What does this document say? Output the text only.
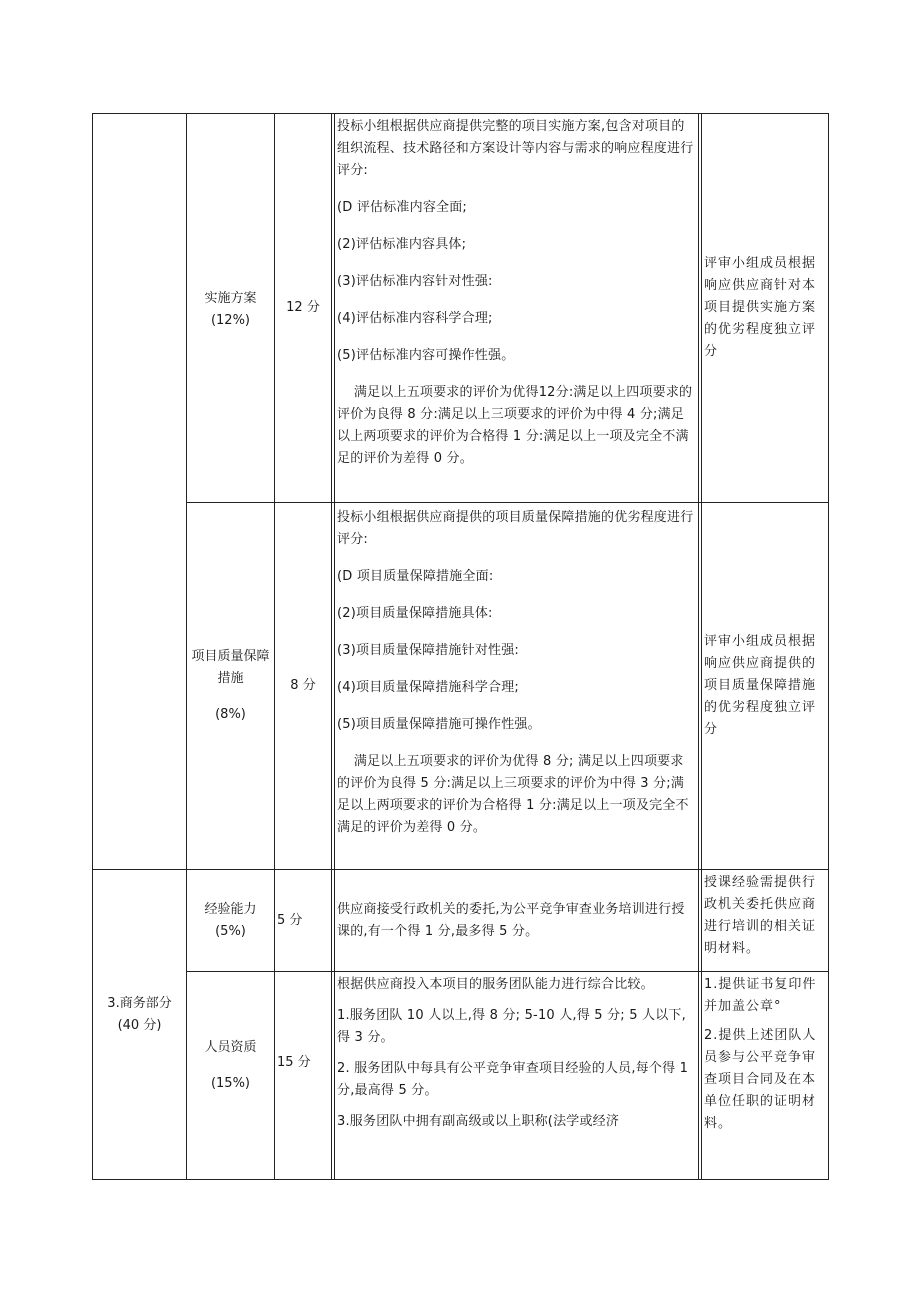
实施方案
(12%)
12 分

投标小组根据供应商提供完整的项目实施方案,包含对项目的组织流程、技术路径和方案设计等内容与需求的响应程度进行评分:

(D 评估标准内容全面;

(2)评估标准内容具体;

(3)评估标准内容针对性强:

(4)评估标准内容科学合理;

(5)评估标准内容可操作性强。

满足以上五项要求的评价为优得12分:满足以上四项要求的评价为良得 8 分:满足以上三项要求的评价为中得 4 分;满足以上两项要求的评价为合格得 1 分:满足以上一项及完全不满足的评价为差得 0 分。

评审小组成员根据响应供应商针对本项目提供实施方案的优劣程度独立评分

项目质量保障措施
(8%)
8 分

投标小组根据供应商提供的项目质量保障措施的优劣程度进行评分:

(D 项目质量保障措施全面:

(2)项目质量保障措施具体:

(3)项目质量保障措施针对性强:

(4)项目质量保障措施科学合理;

(5)项目质量保障措施可操作性强。

满足以上五项要求的评价为优得 8 分; 满足以上四项要求的评价为良得 5 分:满足以上三项要求的评价为中得 3 分;满足以上两项要求的评价为合格得 1 分:满足以上一项及完全不满足的评价为差得 0 分。

评审小组成员根据响应供应商提供的项目质量保障措施的优劣程度独立评分

3.商务部分
(40 分)
经验能力
(5%)
5 分

供应商接受行政机关的委托,为公平竞争审查业务培训进行授课的,有一个得 1 分,最多得 5 分。

授课经验需提供行政机关委托供应商进行培训的相关证明材料。

人员资质
(15%)
15 分

根据供应商投入本项目的服务团队能力进行综合比较。

1.服务团队 10 人以上,得 8 分; 5-10 人,得 5 分; 5 人以下,得 3 分。

2. 服务团队中每具有公平竞争审查项目经验的人员,每个得 1 分,最高得 5 分。

3.服务团队中拥有副高级或以上职称(法学或经济

1.提供证书复印件并加盖公章°

2.提供上述团队人员参与公平竞争审查项目合同及在本单位任职的证明材料。
